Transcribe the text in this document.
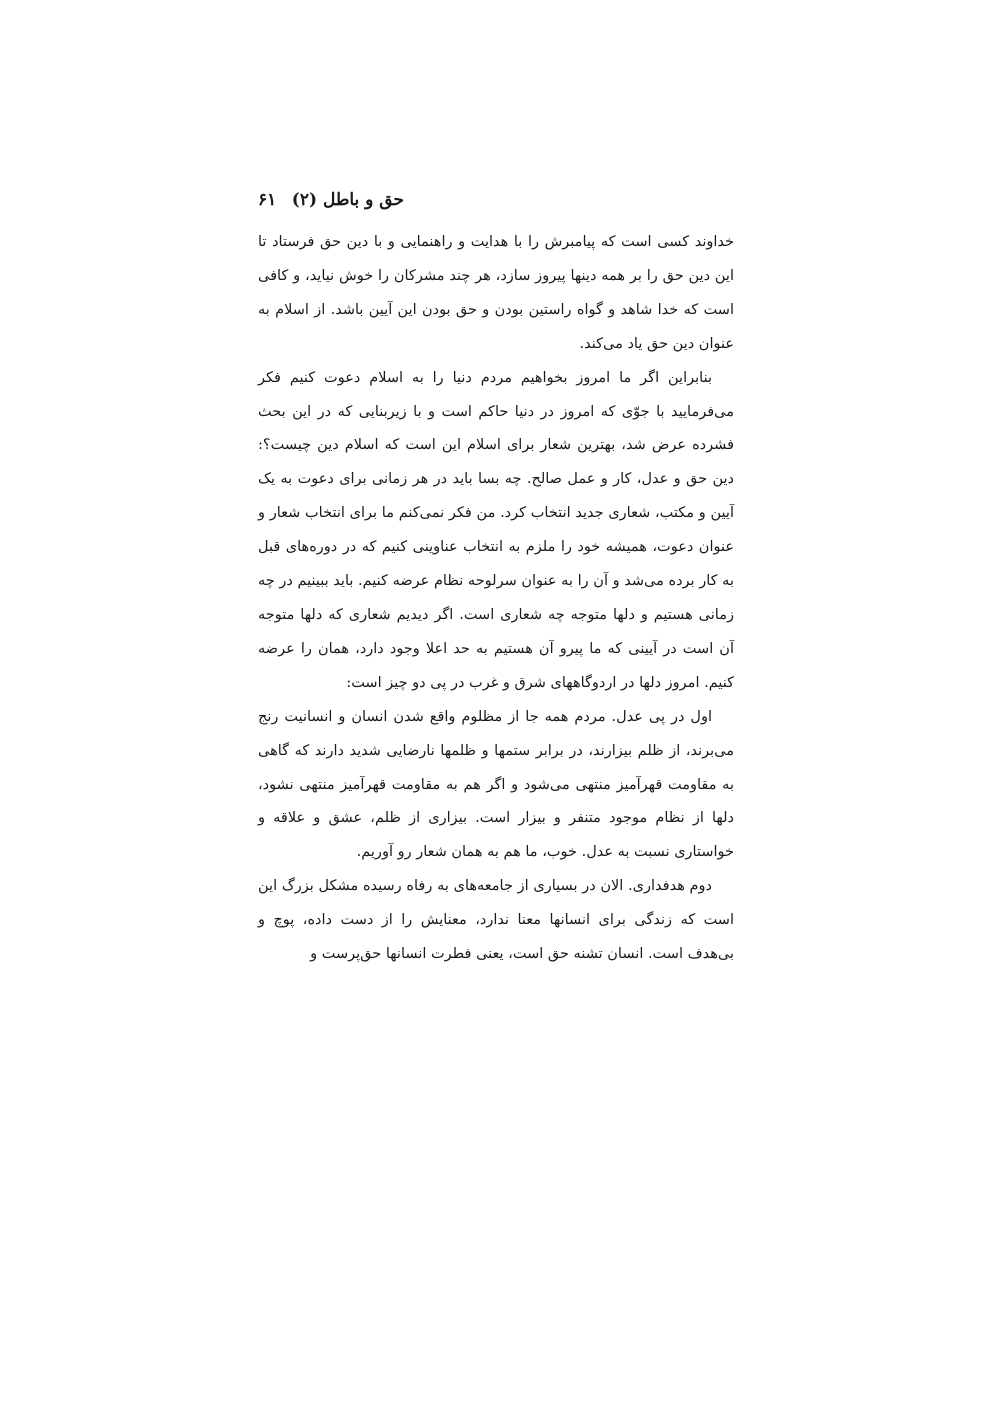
حق و باطل (۲)
۶۱

خداوند کسی است که پیامبرش را با هدایت و راهنمایی و با دین حق فرستاد تا این دین حق را بر همه دینها پیروز سازد، هر چند مشرکان را خوش نیاید، و کافی است که خدا شاهد و گواه راستین بودن و حق بودن این آیین باشد. از اسلام به عنوان دین حق یاد می‌کند.

بنابراین اگر ما امروز بخواهیم مردم دنیا را به اسلام دعوت کنیم فکر می‌فرمایید با جوّی که امروز در دنیا حاکم است و با زیربنایی که در این بحث فشرده عرض شد، بهترین شعار برای اسلام این است که اسلام دین چیست؟: دین حق و عدل، کار و عمل صالح. چه بسا باید در هر زمانی برای دعوت به یک آیین و مکتب، شعاری جدید انتخاب کرد. من فکر نمی‌کنم ما برای انتخاب شعار و عنوان دعوت، همیشه خود را ملزم به انتخاب عناوینی کنیم که در دوره‌های قبل به کار برده می‌شد و آن را به عنوان سرلوحه نظام عرضه کنیم. باید ببینیم در چه زمانی هستیم و دلها متوجه چه شعاری است. اگر دیدیم شعاری که دلها متوجه آن است در آیینی که ما پیرو آن هستیم به حد اعلا وجود دارد، همان را عرضه کنیم. امروز دلها در اردوگاههای شرق و غرب در پی دو چیز است:

اول در پی عدل. مردم همه جا از مظلوم واقع شدن انسان و انسانیت رنج می‌برند، از ظلم بیزارند، در برابر ستمها و ظلمها نارضایی شدید دارند که گاهی به مقاومت قهرآمیز منتهی می‌شود و اگر هم به مقاومت قهرآمیز منتهی نشود، دلها از نظام موجود متنفر و بیزار است. بیزاری از ظلم، عشق و علاقه و خواستاری نسبت به عدل. خوب، ما هم به همان شعار رو آوریم.

دوم هدفداری. الان در بسیاری از جامعه‌های به رفاه رسیده مشکل بزرگ این است که زندگی برای انسانها معنا ندارد، معنایش را از دست داده، پوچ و بی‌هدف است. انسان تشنه حق است، یعنی فطرت انسانها حق‌پرست و
